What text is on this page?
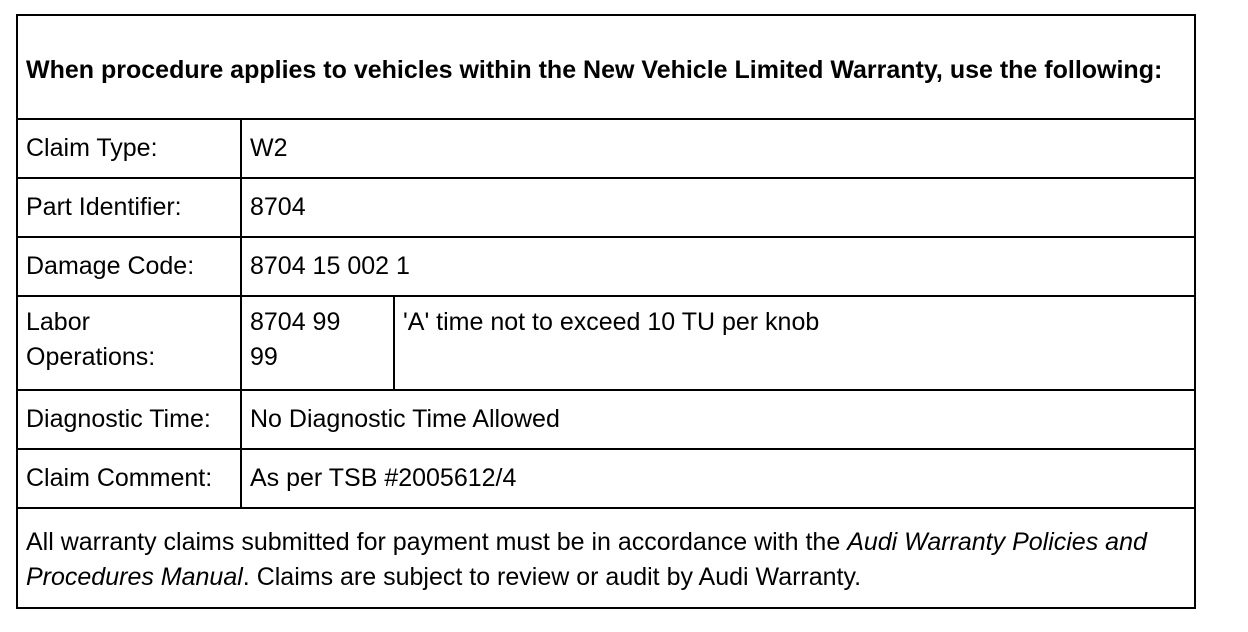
When procedure applies to vehicles within the New Vehicle Limited Warranty, use the following:		
Claim Type:	W2	
Part Identifier:	8704	
Damage Code:	8704 15 002 1	
Labor Operations:	8704 99 99	'A' time not to exceed 10 TU per knob
Diagnostic Time:	No Diagnostic Time Allowed	
Claim Comment:	As per TSB #2005612/4	
All warranty claims submitted for payment must be in accordance with the Audi Warranty Policies and Procedures Manual. Claims are subject to review or audit by Audi Warranty.		
